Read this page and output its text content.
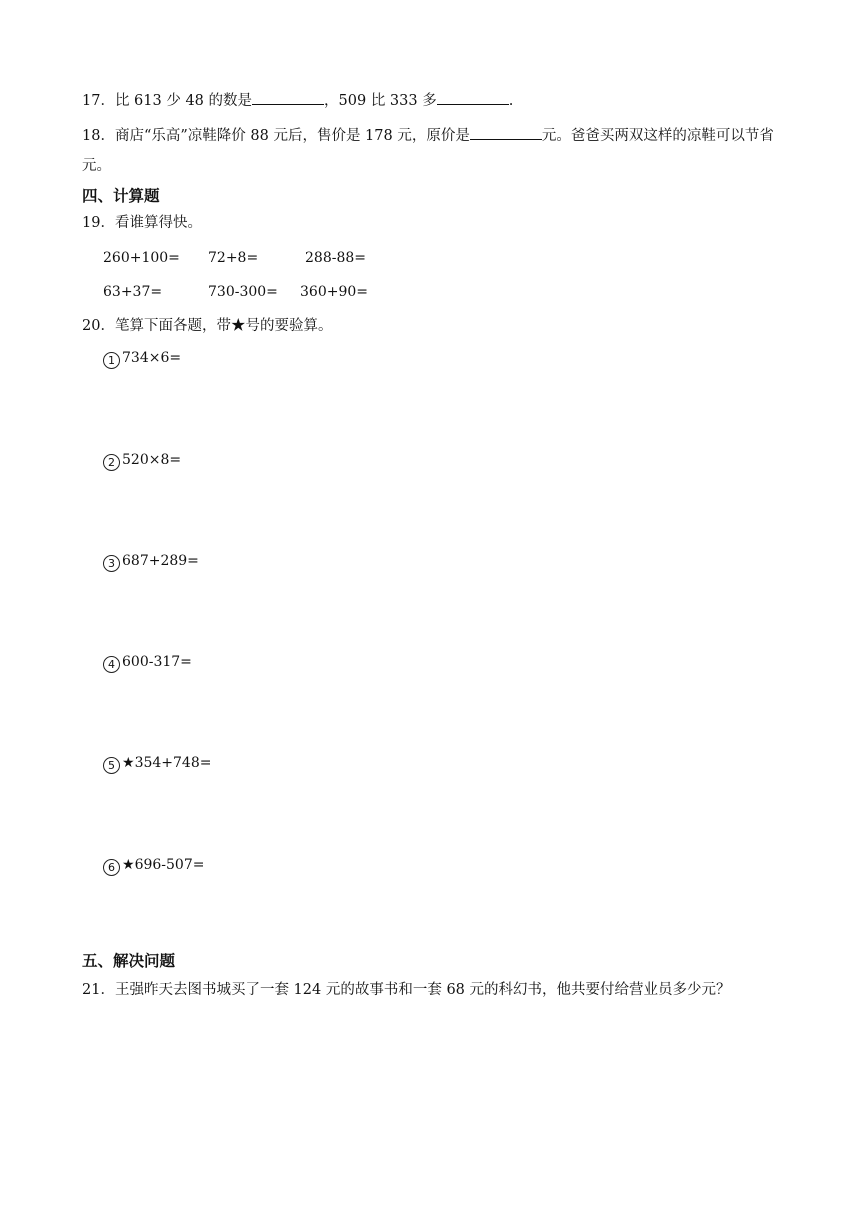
17．比 613 少 48 的数是	，509 比 333 多	.
18．商店“乐高”凉鞋降价 88 元后，售价是 178 元，原价是	元。爸爸买两双这样的凉鞋可以节省
元。
四、计算题
19．看谁算得快。
260+100= 72+8=	288-88=
63+37=	730-300= 360+90=
20．笔算下面各题，带★号的要验算。
1 734×6=
2 520×8=
3 687+289=
4 600-317=
5 ★354+748=
6 ★696-507=
五、解决问题
21．王强昨天去图书城买了一套 124 元的故事书和一套 68 元的科幻书，他共要付给营业员多少元？
